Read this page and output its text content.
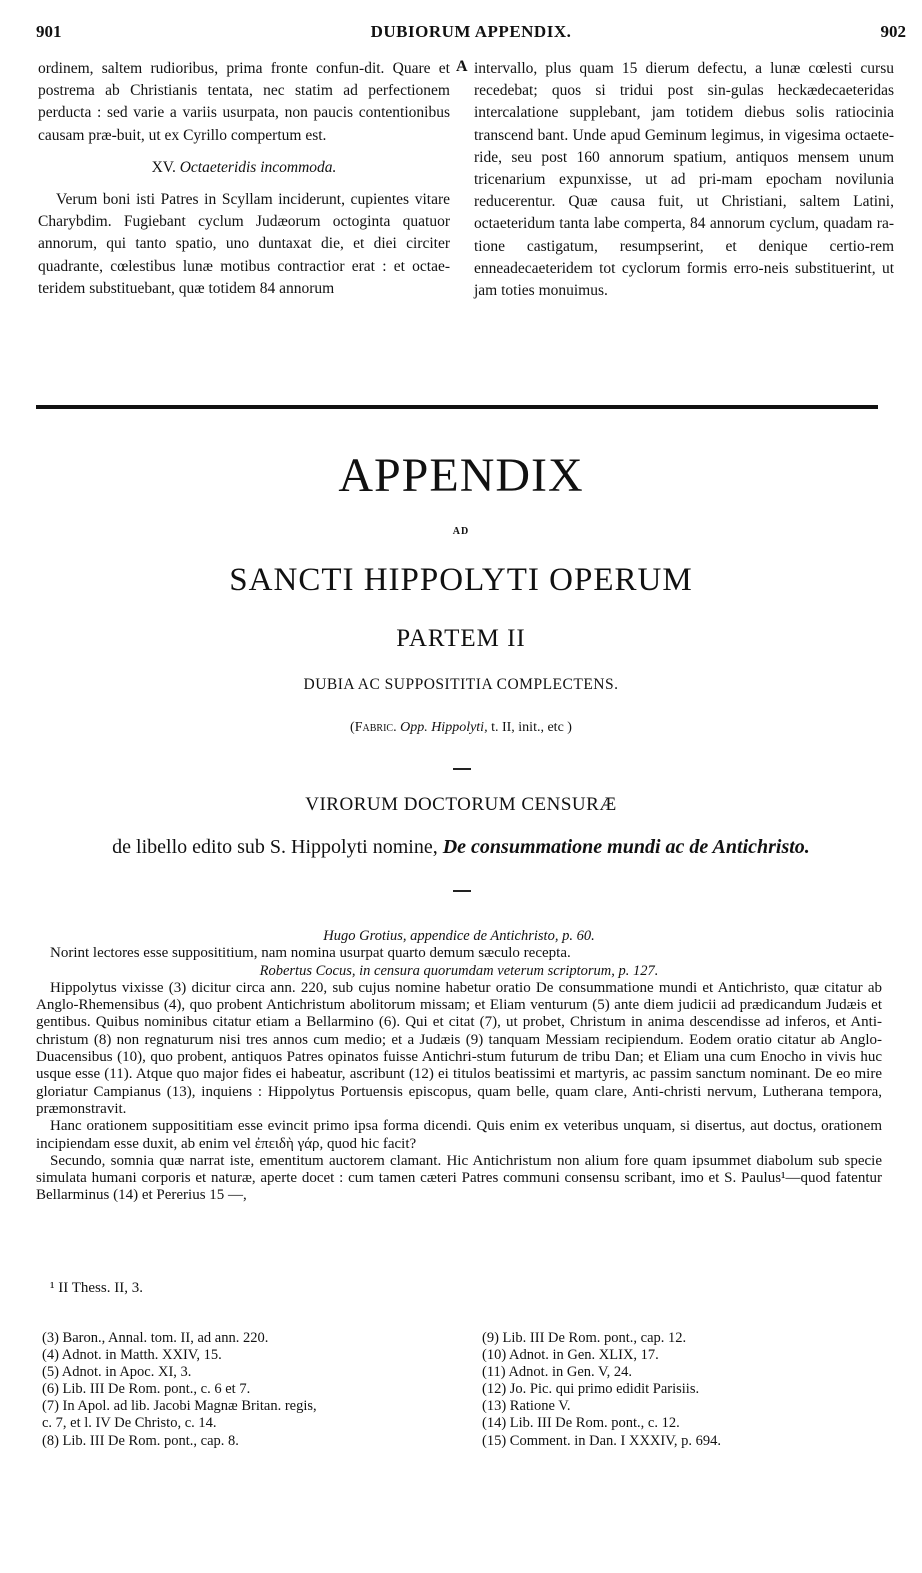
901	DUBIORUM APPENDIX.	902

ordinem, saltem rudioribus, prima fronte confun-dit. Quare et postrema ab Christianis tentata, nec statim ad perfectionem perducta : sed varie a variis usurpata, non paucis contentionibus causam præ-buit, ut ex Cyrillo compertum est.

XV. Octaeteridis incommoda.

Verum boni isti Patres in Scyllam inciderunt, cupientes vitare Charybdim. Fugiebant cyclum Judæorum octoginta quatuor annorum, qui tanto spatio, uno duntaxat die, et diei circiter quadrante, cœlestibus lunæ motibus contractior erat : et octae-teridem substituebant, quæ totidem 84 annorum

A intervallo, plus quam 15 dierum defectu, a lunæ cœlesti cursu recedebat; quos si tridui post sin-gulas heckædecaeteridas intercalatione supplebant, jam totidem diebus solis ratiocinia transcend bant. Unde apud Geminum legimus, in vigesima octaete-ride, seu post 160 annorum spatium, antiquos mensem unum tricenarium expunxisse, ut ad pri-mam epocham novilunia reducerentur. Quæ causa fuit, ut Christiani, saltem Latini, octaeteridum tanta labe comperta, 84 annorum cyclum, quadam ra-tione castigatum, resumpserint, et denique certio-rem enneadecaeteridem tot cyclorum formis erro-neis substituerint, ut jam toties monuimus.

APPENDIX
AD
SANCTI HIPPOLYTI OPERUM
PARTEM II
DUBIA AC SUPPOSITITIA COMPLECTENS.
(Fabric. Opp. Hippolyti, t. II, init., etc )
VIRORUM DOCTORUM CENSURÆ
de libello edito sub S. Hippolyti nomine, De consummatione mundi ac de Antichristo.

Hugo Grotius, appendice de Antichristo, p. 60.

Norint lectores esse supposititium, nam nomina usurpat quarto demum sæculo recepta.

Robertus Cocus, in censura quorumdam veterum scriptorum, p. 127.

Hippolytus vixisse (3) dicitur circa ann. 220, sub cujus nomine habetur oratio De consummatione mundi et Antichristo, quæ citatur ab Anglo-Rhemensibus (4), quo probent Antichristum abolitorum missam; et Eliam venturum (5) ante diem judicii ad prædicandum Judæis et gentibus. Quibus nominibus citatur etiam a Bellarmino (6). Qui et citat (7), ut probet, Christum in anima descendisse ad inferos, et Anti-christum (8) non regnaturum nisi tres annos cum medio; et a Judæis (9) tanquam Messiam recipiendum. Eodem oratio citatur ab Anglo-Duacensibus (10), quo probent, antiquos Patres opinatos fuisse Antichri-stum futurum de tribu Dan; et Eliam una cum Enocho in vivis huc usque esse (11). Atque quo major fides ei habeatur, ascribunt (12) ei titulos beatissimi et martyris, ac passim sanctum nominant. De eo mire gloriatur Campianus (13), inquiens : Hippolytus Portuensis episcopus, quam belle, quam clare, Anti-christi nervum, Lutherana tempora, præmonstravit.

Hanc orationem supposititiam esse evincit primo ipsa forma dicendi. Quis enim ex veteribus unquam, si disertus, aut doctus, orationem incipiendam esse duxit, ab enim vel ἐπειδὴ γάρ, quod hic facit?

Secundo, somnia quæ narrat iste, ementitum auctorem clamant. Hic Antichristum non alium fore quam ipsummet diabolum sub specie simulata humani corporis et naturæ, aperte docet : cum tamen cæteri Patres communi consensu scribant, imo et S. Paulus¹—quod fatentur Bellarminus (14) et Pererius 15 —,

¹ II Thess. II, 3.
(3) Baron., Annal. tom. II, ad ann. 220.
(4) Adnot. in Matth. XXIV, 15.
(5) Adnot. in Apoc. XI, 3.
(6) Lib. III De Rom. pont., c. 6 et 7.
(7) In Apol. ad lib. Jacobi Magnæ Britan. regis,
c. 7, et l. IV De Christo, c. 14.
(8) Lib. III De Rom. pont., cap. 8.
(9) Lib. III De Rom. pont., cap. 12.
(10) Adnot. in Gen. XLIX, 17.
(11) Adnot. in Gen. V, 24.
(12) Jo. Pic. qui primo edidit Parisiis.
(13) Ratione V.
(14) Lib. III De Rom. pont., c. 12.
(15) Comment. in Dan. I XXXIV, p. 694.
